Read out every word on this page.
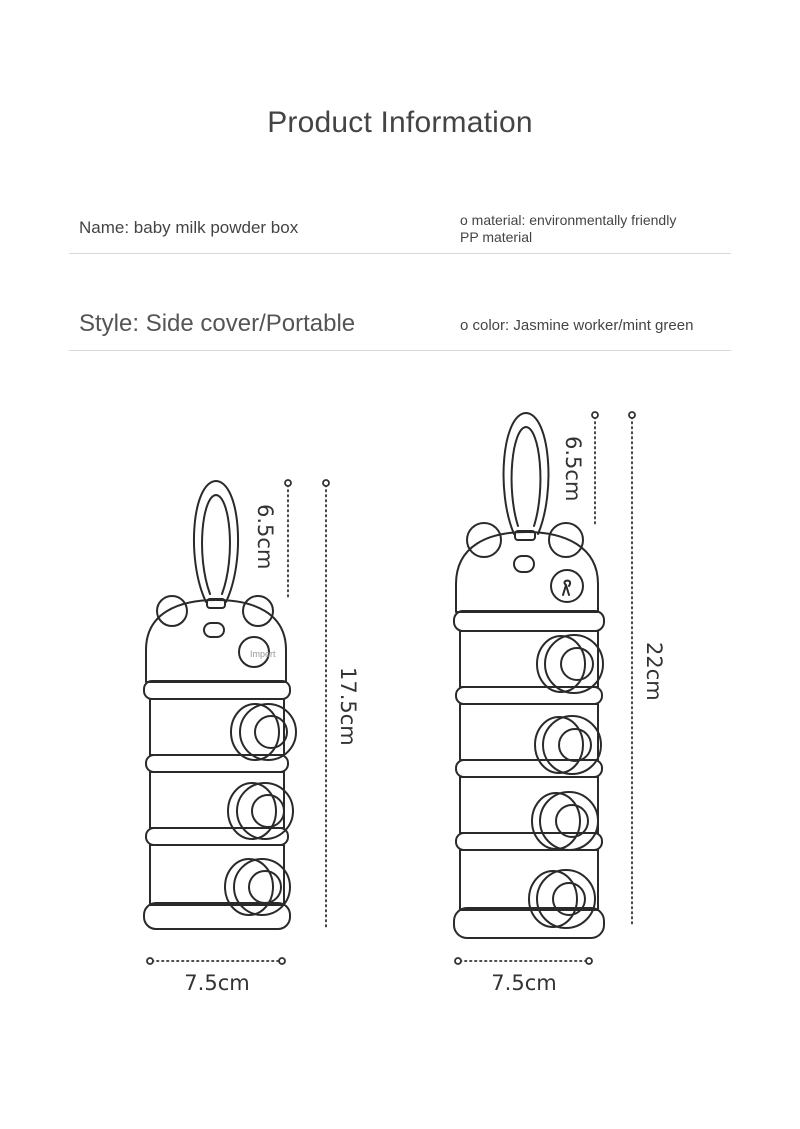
Product Information
Name: baby milk powder box	o material: environmentally friendly
PP material
Style: Side cover/Portable	o color: Jasmine worker/mint green
Import
6.5cm
17.5cm
7.5cm
6.5cm
22cm
7.5cm
